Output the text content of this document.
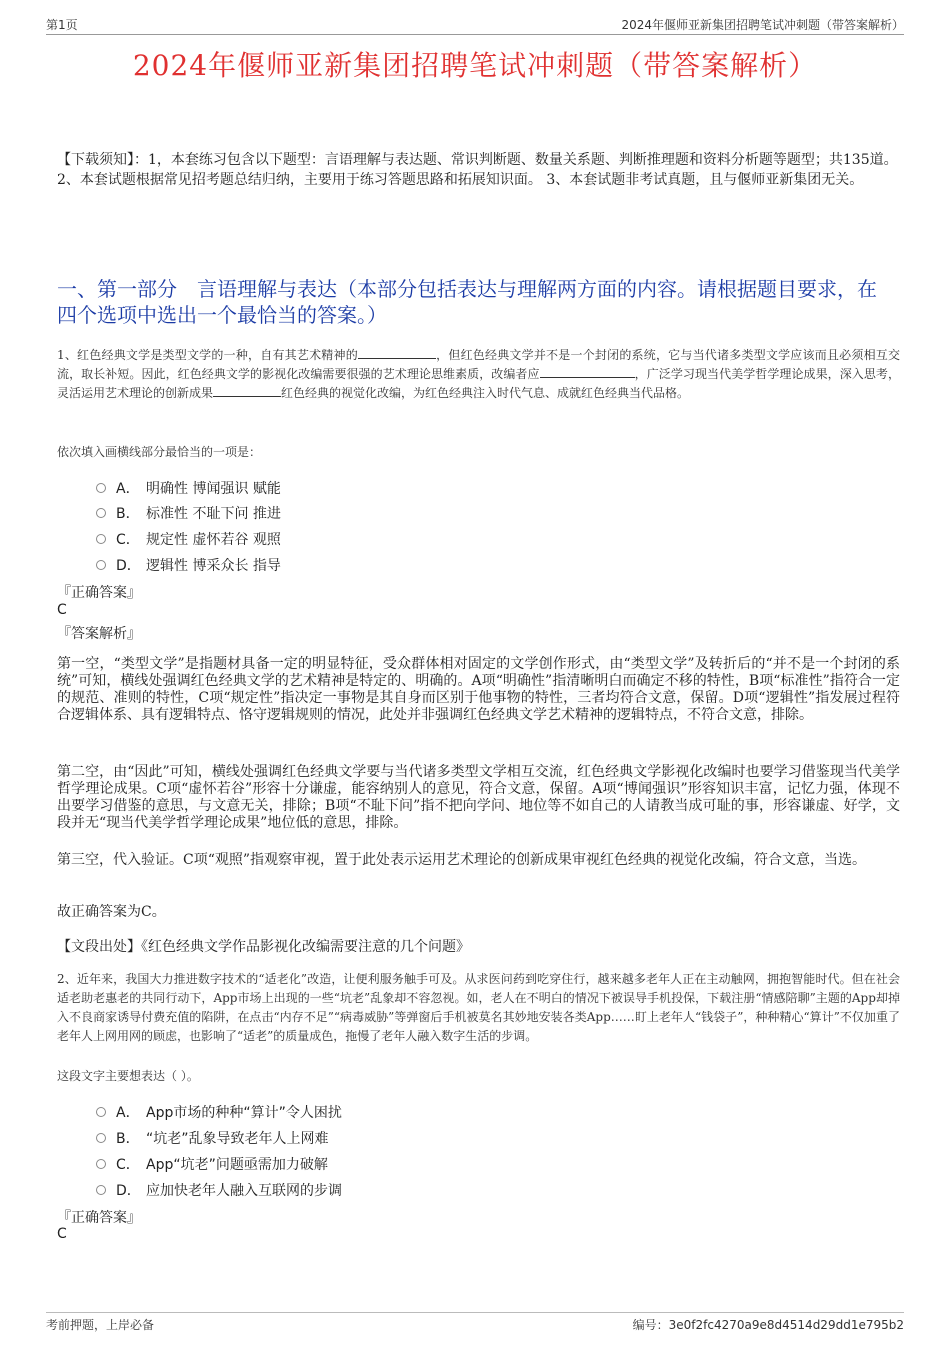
第1页	2024年偃师亚新集团招聘笔试冲刺题（带答案解析）
2024年偃师亚新集团招聘笔试冲刺题（带答案解析）
【下载须知】：1，本套练习包含以下题型：言语理解与表达题、常识判断题、数量关系题、判断推理题和资料分析题等题型；共135道。 2、本套试题根据常见招考题总结归纳，主要用于练习答题思路和拓展知识面。 3、本套试题非考试真题，且与偃师亚新集团无关。
一、第一部分　言语理解与表达（本部分包括表达与理解两方面的内容。请根据题目要求，在四个选项中选出一个最恰当的答案。）
1、红色经典文学是类型文学的一种，自有其艺术精神的	，但红色经典文学并不是一个封闭的系统，它与当代诸多类型文学应该而且必须相互交流，取长补短。因此，红色经典文学的影视化改编需要很强的艺术理论思维素质，改编者应	，广泛学习现当代美学哲学理论成果，深入思考，灵活运用艺术理论的创新成果	红色经典的视觉化改编，为红色经典注入时代气息、成就红色经典当代品格。
依次填入画横线部分最恰当的一项是：
A． 明确性 博闻强识 赋能
B． 标准性 不耻下问 推进
C． 规定性 虚怀若谷 观照
D． 逻辑性 博采众长 指导
『正确答案』
C
『答案解析』
第一空，“类型文学”是指题材具备一定的明显特征，受众群体相对固定的文学创作形式，由“类型文学”及转折后的“并不是一个封闭的系统”可知，横线处强调红色经典文学的艺术精神是特定的、明确的。A项“明确性”指清晰明白而确定不移的特性，B项“标准性”指符合一定的规范、准则的特性，C项“规定性”指决定一事物是其自身而区别于他事物的特性，三者均符合文意，保留。D项“逻辑性”指发展过程符合逻辑体系、具有逻辑特点、恪守逻辑规则的情况，此处并非强调红色经典文学艺术精神的逻辑特点，不符合文意，排除。
第二空，由“因此”可知，横线处强调红色经典文学要与当代诸多类型文学相互交流，红色经典文学影视化改编时也要学习借鉴现当代美学哲学理论成果。C项“虚怀若谷”形容十分谦虚，能容纳别人的意见，符合文意，保留。A项“博闻强识”形容知识丰富，记忆力强，体现不出要学习借鉴的意思，与文意无关，排除；B项“不耻下问”指不把向学问、地位等不如自己的人请教当成可耻的事，形容谦虚、好学，文段并无“现当代美学哲学理论成果”地位低的意思，排除。
第三空，代入验证。C项“观照”指观察审视，置于此处表示运用艺术理论的创新成果审视红色经典的视觉化改编，符合文意，当选。
故正确答案为C。
【文段出处】《红色经典文学作品影视化改编需要注意的几个问题》
2、近年来，我国大力推进数字技术的“适老化”改造，让便利服务触手可及。从求医问药到吃穿住行，越来越多老年人正在主动触网，拥抱智能时代。但在社会适老助老惠老的共同行动下，App市场上出现的一些“坑老”乱象却不容忽视。如，老人在不明白的情况下被误导手机投保，下载注册“情感陪聊”主题的App却掉入不良商家诱导付费充值的陷阱，在点击“内存不足”“病毒威胁”等弹窗后手机被莫名其妙地安装各类App……盯上老年人“钱袋子”，种种精心“算计”不仅加重了老年人上网用网的顾虑，也影响了“适老”的质量成色，拖慢了老年人融入数字生活的步调。
这段文字主要想表达（ ）。
A． App市场的种种“算计”令人困扰
B． “坑老”乱象导致老年人上网难
C． App“坑老”问题亟需加力破解
D． 应加快老年人融入互联网的步调
『正确答案』
C
考前押题，上岸必备	编号：3e0f2fc4270a9e8d4514d29dd1e795b2
